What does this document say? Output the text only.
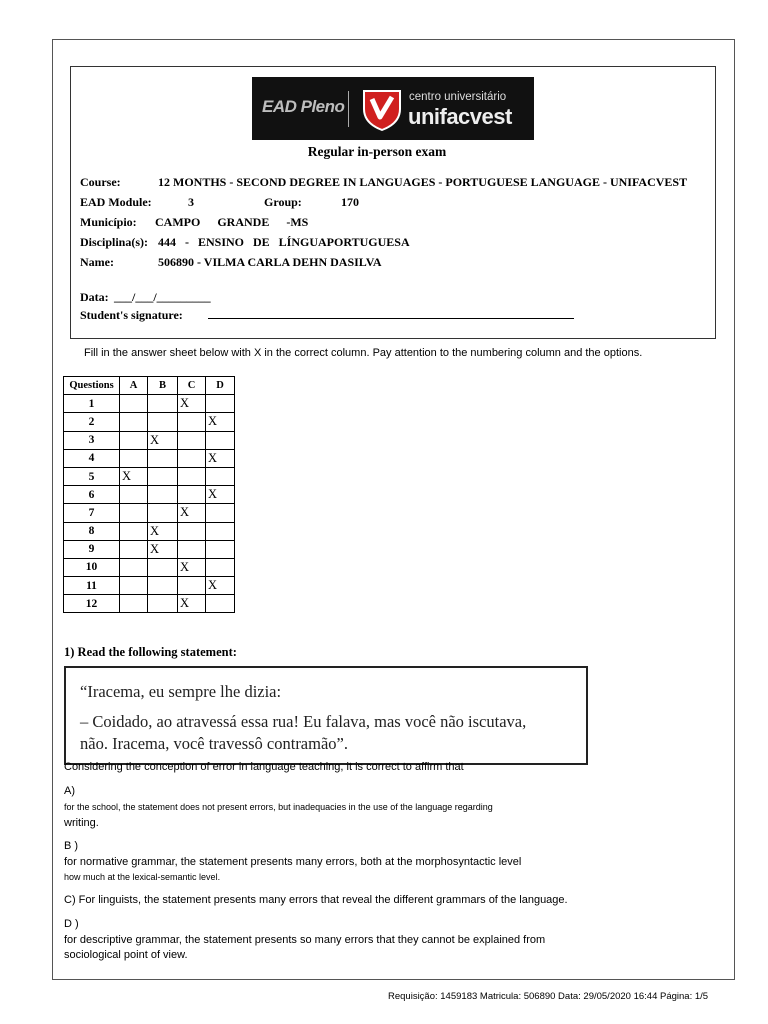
EAD Pleno	centro universitário
unifacvest
Regular in-person exam
Course:	12 MONTHS - SECOND DEGREE IN LANGUAGES - PORTUGUESE LANGUAGE - UNIFACVEST
EAD Module:	3	Group:	170
Município: CAMPO GRANDE -MS
Disciplina(s): 444 - ENSINO DE LÍNGUAPORTUGUESA
Name:	506890 - VILMA CARLA DEHN DASILVA
Data: ___/___/_________
Student's signature:
Fill in the answer sheet below with X in the correct column. Pay attention to the numbering column and the options.
Questions	A	B	C	D
1			X	
2				X
3		X		
4				X
5	X			
6				X
7			X	
8		X		
9		X		
10			X	
11				X
12			X	
1) Read the following statement:
“Iracema, eu sempre lhe dizia:
– Coidado, ao atravessá essa rua! Eu falava, mas você não iscutava,
não. Iracema, você travessô contramão”.
Considering the conception of error in language teaching, it is correct to affirm that
A)
for the school, the statement does not present errors, but inadequacies in the use of the language regarding
writing.
B )
for normative grammar, the statement presents many errors, both at the morphosyntactic level
how much at the lexical-semantic level.
C) For linguists, the statement presents many errors that reveal the different grammars of the language.
D )
for descriptive grammar, the statement presents so many errors that they cannot be explained from
sociological point of view.
Requisição: 1459183 Matricula: 506890 Data: 29/05/2020 16:44 Página: 1/5
